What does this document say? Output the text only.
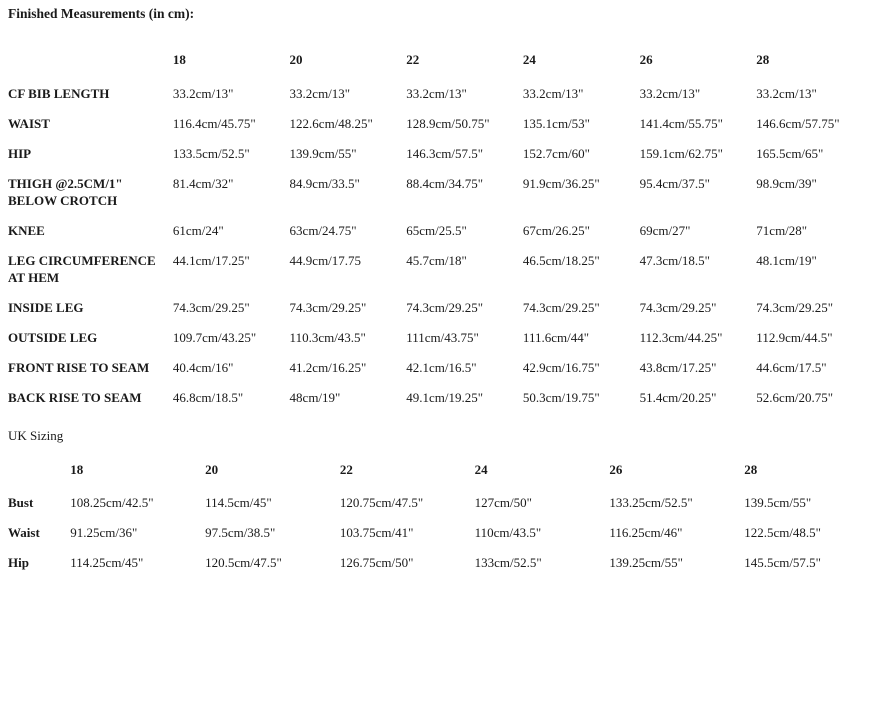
Finished Measurements (in cm):
	18	20	22	24	26	28
CF BIB LENGTH	33.2cm/13"	33.2cm/13"	33.2cm/13"	33.2cm/13"	33.2cm/13"	33.2cm/13"
WAIST	116.4cm/45.75"	122.6cm/48.25"	128.9cm/50.75"	135.1cm/53"	141.4cm/55.75"	146.6cm/57.75"
HIP	133.5cm/52.5"	139.9cm/55"	146.3cm/57.5"	152.7cm/60"	159.1cm/62.75"	165.5cm/65"
THIGH @2.5CM/1" BELOW CROTCH	81.4cm/32"	84.9cm/33.5"	88.4cm/34.75"	91.9cm/36.25"	95.4cm/37.5"	98.9cm/39"
KNEE	61cm/24"	63cm/24.75"	65cm/25.5"	67cm/26.25"	69cm/27"	71cm/28"
LEG CIRCUMFERENCE AT HEM	44.1cm/17.25"	44.9cm/17.75	45.7cm/18"	46.5cm/18.25"	47.3cm/18.5"	48.1cm/19"
INSIDE LEG	74.3cm/29.25"	74.3cm/29.25"	74.3cm/29.25"	74.3cm/29.25"	74.3cm/29.25"	74.3cm/29.25"
OUTSIDE LEG	109.7cm/43.25"	110.3cm/43.5"	111cm/43.75"	111.6cm/44"	112.3cm/44.25"	112.9cm/44.5"
FRONT RISE TO SEAM	40.4cm/16"	41.2cm/16.25"	42.1cm/16.5"	42.9cm/16.75"	43.8cm/17.25"	44.6cm/17.5"
BACK RISE TO SEAM	46.8cm/18.5"	48cm/19"	49.1cm/19.25"	50.3cm/19.75"	51.4cm/20.25"	52.6cm/20.75"
UK Sizing
	18	20	22	24	26	28
Bust	108.25cm/42.5"	114.5cm/45"	120.75cm/47.5"	127cm/50"	133.25cm/52.5"	139.5cm/55"
Waist	91.25cm/36"	97.5cm/38.5"	103.75cm/41"	110cm/43.5"	116.25cm/46"	122.5cm/48.5"
Hip	114.25cm/45"	120.5cm/47.5"	126.75cm/50"	133cm/52.5"	139.25cm/55"	145.5cm/57.5"
